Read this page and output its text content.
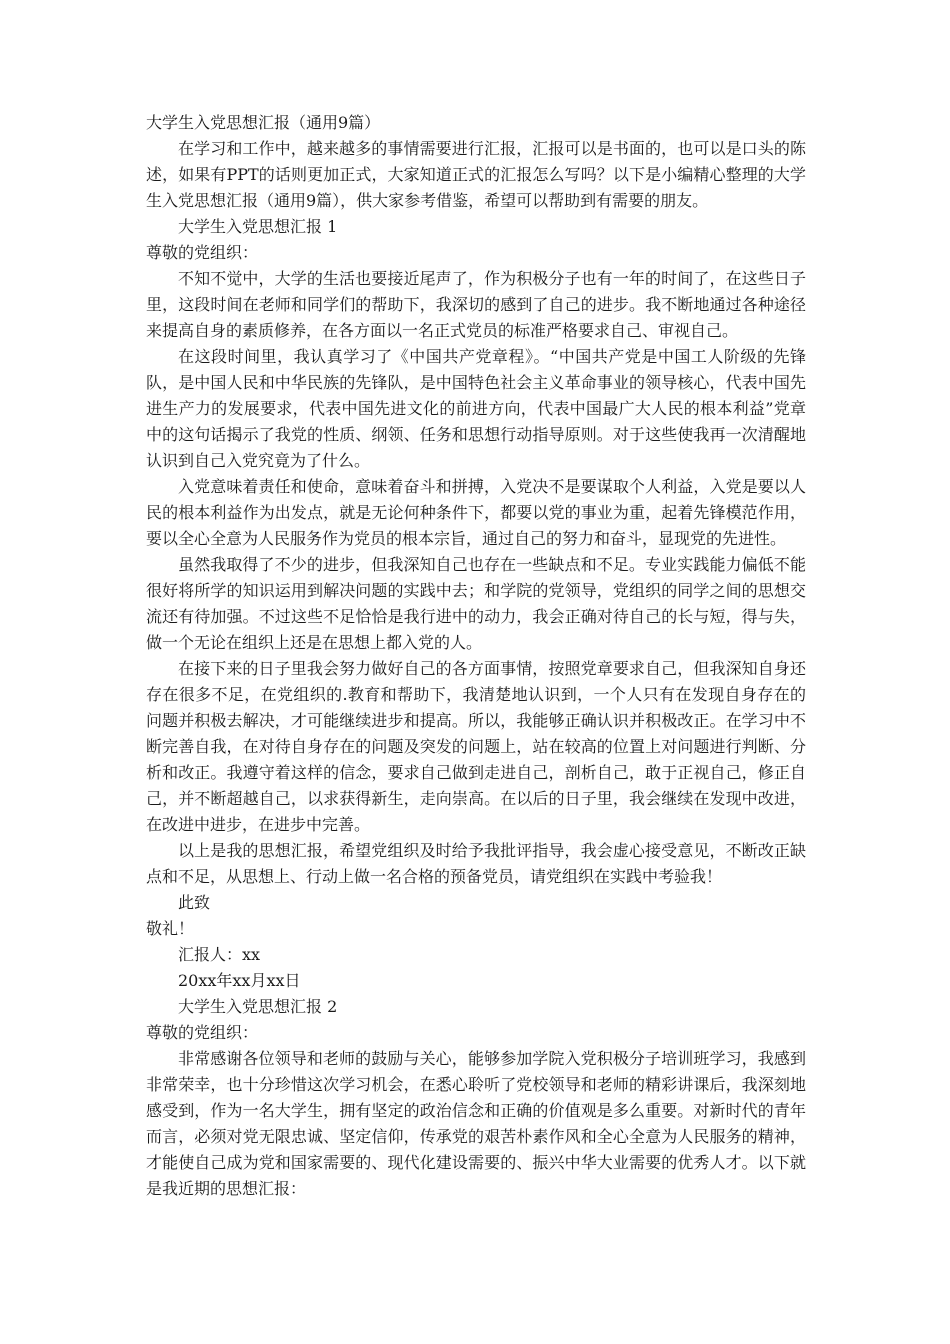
大学生入党思想汇报（通用9篇）

在学习和工作中，越来越多的事情需要进行汇报，汇报可以是书面的，也可以是口头的陈述，如果有PPT的话则更加正式，大家知道正式的汇报怎么写吗？以下是小编精心整理的大学生入党思想汇报（通用9篇），供大家参考借鉴，希望可以帮助到有需要的朋友。

大学生入党思想汇报 1

尊敬的党组织：

不知不觉中，大学的生活也要接近尾声了，作为积极分子也有一年的时间了，在这些日子里，这段时间在老师和同学们的帮助下，我深切的感到了自己的进步。我不断地通过各种途径来提高自身的素质修养，在各方面以一名正式党员的标准严格要求自己、审视自己。

在这段时间里，我认真学习了《中国共产党章程》。“中国共产党是中国工人阶级的先锋队，是中国人民和中华民族的先锋队，是中国特色社会主义革命事业的领导核心，代表中国先进生产力的发展要求，代表中国先进文化的前进方向，代表中国最广大人民的根本利益”党章中的这句话揭示了我党的性质、纲领、任务和思想行动指导原则。对于这些使我再一次清醒地认识到自己入党究竟为了什么。

入党意味着责任和使命，意味着奋斗和拼搏，入党决不是要谋取个人利益，入党是要以人民的根本利益作为出发点，就是无论何种条件下，都要以党的事业为重，起着先锋模范作用，要以全心全意为人民服务作为党员的根本宗旨，通过自己的努力和奋斗，显现党的先进性。

虽然我取得了不少的进步，但我深知自己也存在一些缺点和不足。专业实践能力偏低不能很好将所学的知识运用到解决问题的实践中去；和学院的党领导，党组织的同学之间的思想交流还有待加强。不过这些不足恰恰是我行进中的动力，我会正确对待自己的长与短，得与失，做一个无论在组织上还是在思想上都入党的人。

在接下来的日子里我会努力做好自己的各方面事情，按照党章要求自己，但我深知自身还存在很多不足，在党组织的.教育和帮助下，我清楚地认识到，一个人只有在发现自身存在的问题并积极去解决，才可能继续进步和提高。所以，我能够正确认识并积极改正。在学习中不断完善自我，在对待自身存在的问题及突发的问题上，站在较高的位置上对问题进行判断、分析和改正。我遵守着这样的信念，要求自己做到走进自己，剖析自己，敢于正视自己，修正自己，并不断超越自己，以求获得新生，走向崇高。在以后的日子里，我会继续在发现中改进，在改进中进步，在进步中完善。

以上是我的思想汇报，希望党组织及时给予我批评指导，我会虚心接受意见，不断改正缺点和不足，从思想上、行动上做一名合格的预备党员，请党组织在实践中考验我！

此致

敬礼！

汇报人：xx

20xx年xx月xx日

大学生入党思想汇报 2

尊敬的党组织：

非常感谢各位领导和老师的鼓励与关心，能够参加学院入党积极分子培训班学习，我感到非常荣幸，也十分珍惜这次学习机会，在悉心聆听了党校领导和老师的精彩讲课后，我深刻地感受到，作为一名大学生，拥有坚定的政治信念和正确的价值观是多么重要。对新时代的青年而言，必须对党无限忠诚、坚定信仰，传承党的艰苦朴素作风和全心全意为人民服务的精神，才能使自己成为党和国家需要的、现代化建设需要的、振兴中华大业需要的优秀人才。以下就是我近期的思想汇报：
